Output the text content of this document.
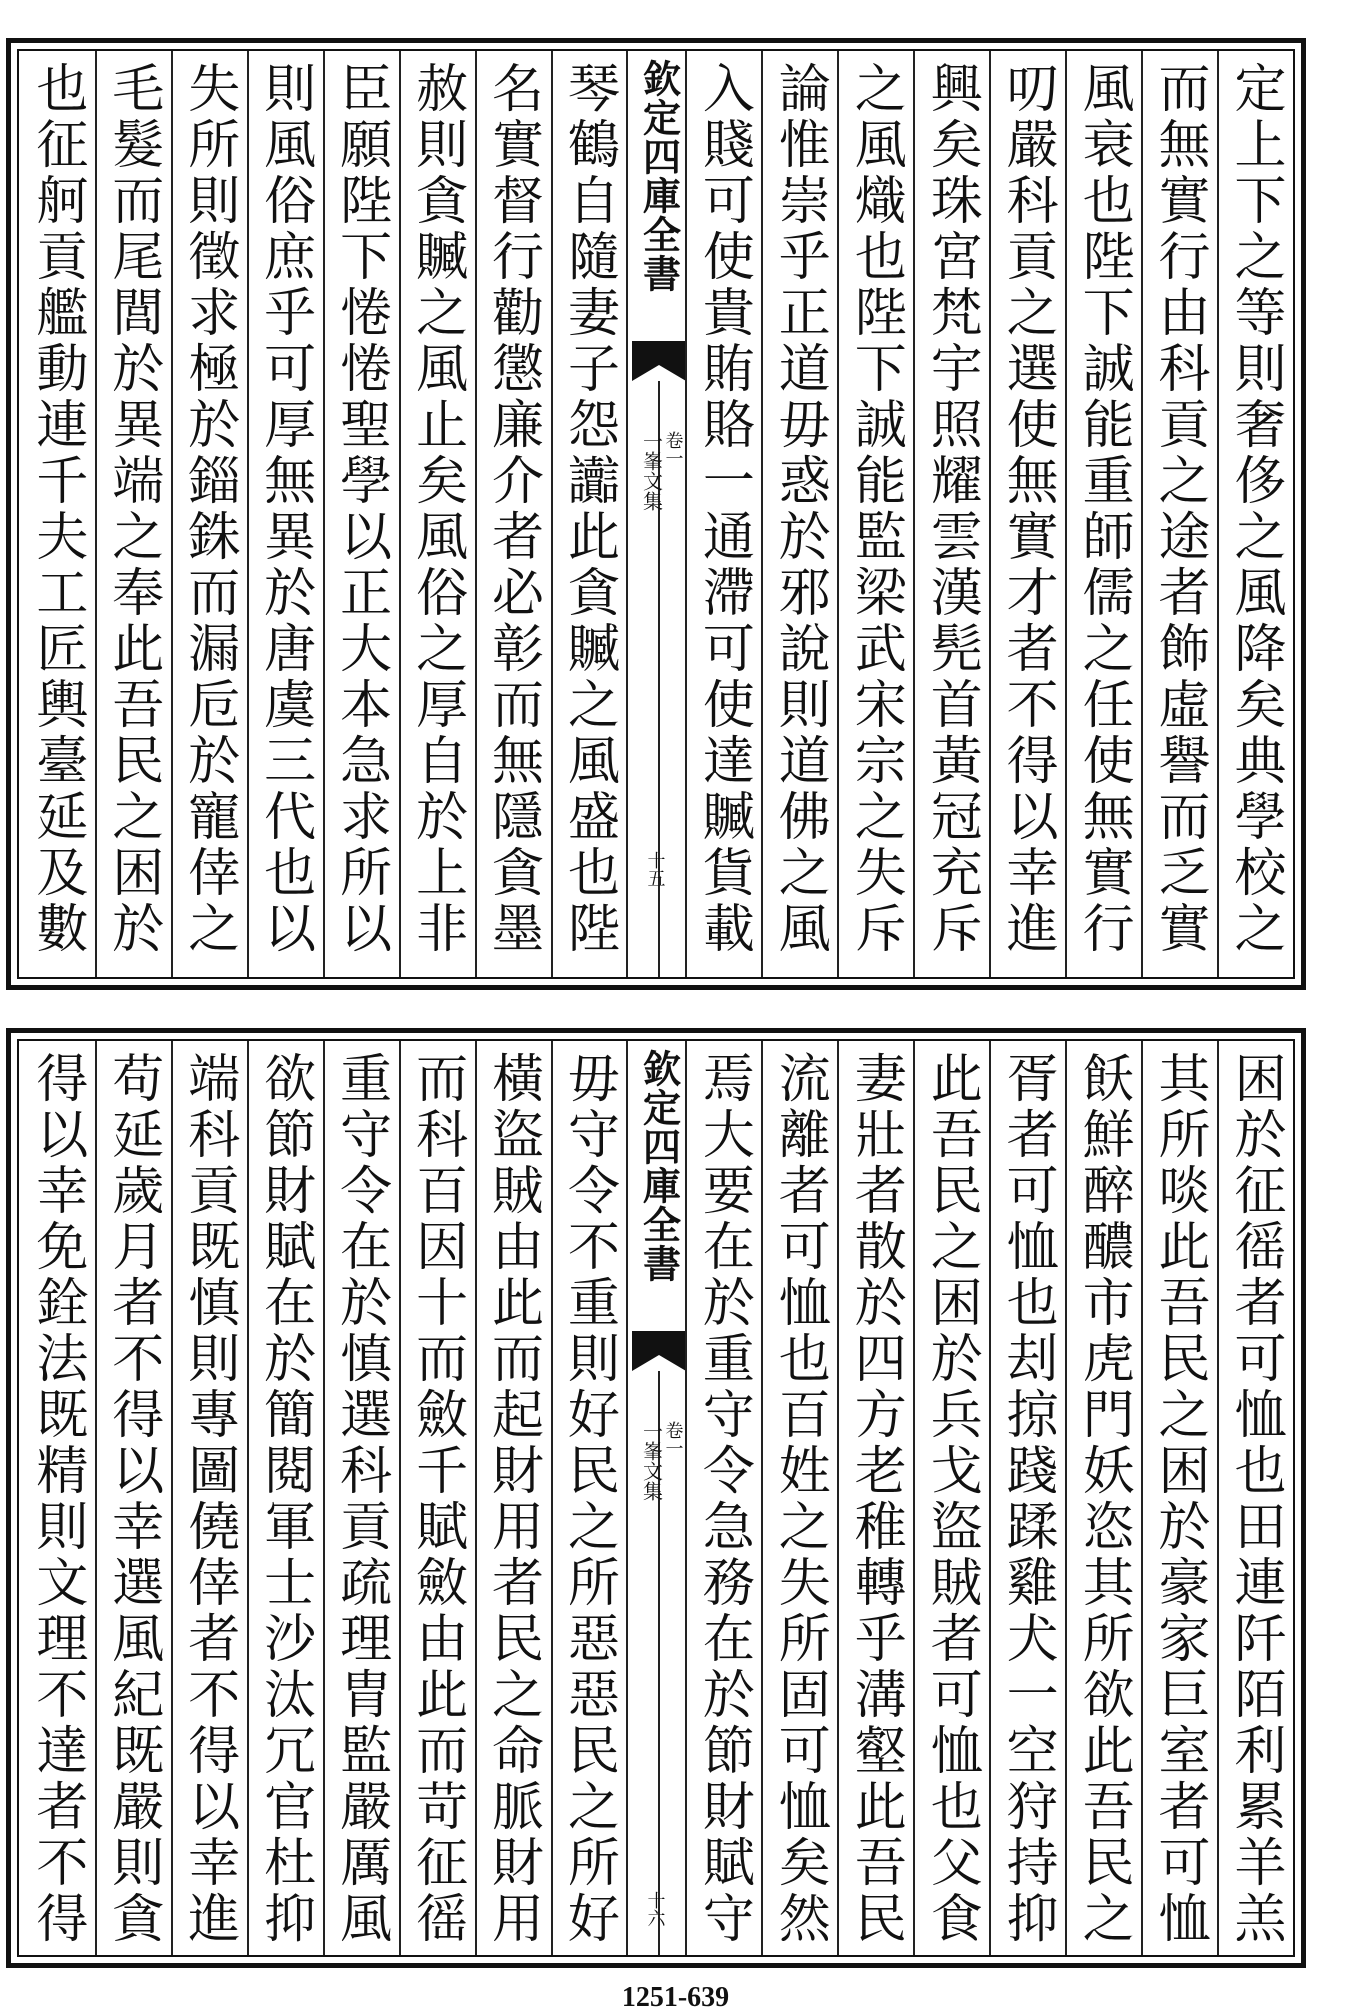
定上下之等則奢侈之風降矣典學校之
而無實行由科貢之途者飾虛譽而乏實
風衰也陛下誠能重師儒之任使無實行
叨嚴科貢之選使無實才者不得以幸進
興矣珠宮梵宇照耀雲漢髡首黃冠充斥
之風熾也陛下誠能監梁武宋宗之失斥
論惟崇乎正道毋惑於邪說則道佛之風
入賤可使貴賄賂一通滯可使達贓貨載
欽定四庫全書
一峯文集 卷一
十五
琴鶴自隨妻子怨讟此貪贓之風盛也陛
名實督行勸懲廉介者必彰而無隱貪墨
赦則貪贓之風止矣風俗之厚自於上非
臣願陛下惓惓聖學以正大本急求所以
則風俗庶乎可厚無異於唐虞三代也以
失所則徵求極於錙銖而漏卮於寵倖之
毛髮而尾閭於異端之奉此吾民之困於
也征舸貢艦動連千夫工匠輿臺延及數
困於征徭者可恤也田連阡陌利累羊羔
其所啖此吾民之困於豪家巨室者可恤
飫鮮醉醲市虎門妖恣其所欲此吾民之
胥者可恤也刦掠踐蹂雞犬一空狩持抑
此吾民之困於兵戈盜賊者可恤也父食
妻壯者散於四方老稚轉乎溝壑此吾民
流離者可恤也百姓之失所固可恤矣然
焉大要在於重守令急務在於節財賦守
欽定四庫全書
一峯文集 卷一
十六
毋守令不重則好民之所惡惡民之所好
橫盜賊由此而起財用者民之命脈財用
而科百因十而斂千賦斂由此而苛征徭
重守令在於慎選科貢疏理胄監嚴厲風
欲節財賦在於簡閱軍士沙汰冗官杜抑
端科貢既慎則專圖僥倖者不得以幸進
苟延歲月者不得以幸選風紀既嚴則貪
得以幸免銓法既精則文理不達者不得
1251-639
